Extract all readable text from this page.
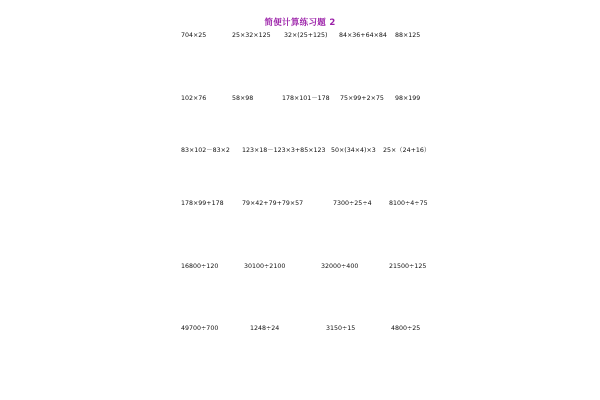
简便计算练习题 2
704×25	25×32×125 32×(25+125) 84×36+64×84 88×125
102×76	58×98	178×101－178 75×99+2×75 98×199
83×102－83×2 123×18－123×3+85×123 50×(34×4)×3 25×（24+16）
178×99+178	79×42+79+79×57	7300÷25÷4	8100÷4÷75
16800÷120	30100÷2100	32000÷400	21500÷125
49700÷700	1248÷24	3150÷15	4800÷25
